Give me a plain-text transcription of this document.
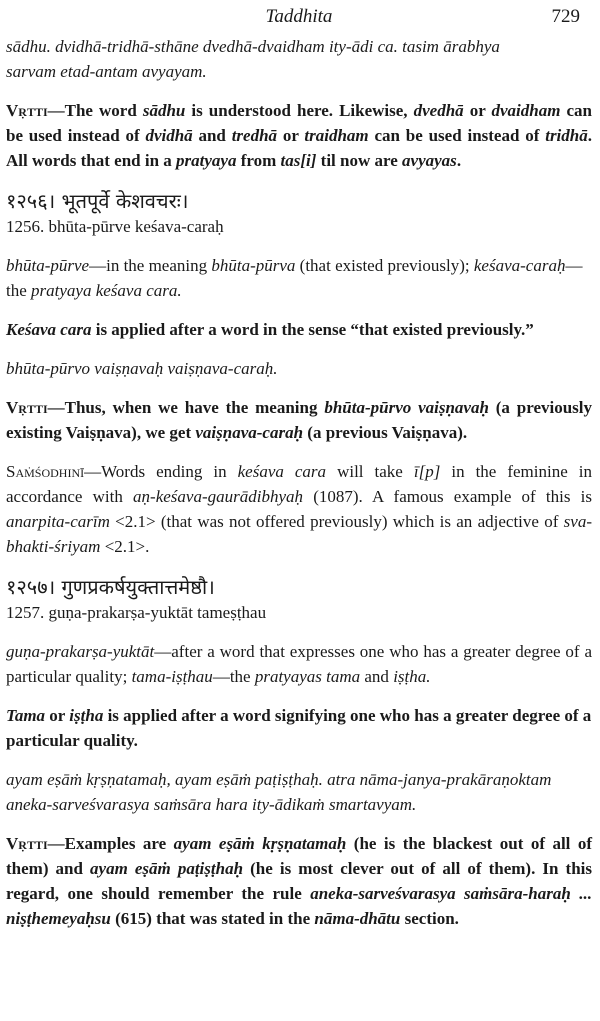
Taddhita	729

sādhu. dvidhā-tridhā-sthāne dvedhā-dvaidham ity-ādi ca. tasim ārabhya

sarvam etad-antam avyayam.

Vṛtti—The word sādhu is understood here. Likewise, dvedhā or dvaidham can be used instead of dvidhā and tredhā or traidham can be used instead of tridhā. All words that end in a pratyaya from tas[i] til now are avyayas.

१२५६। भूतपूर्वे केशवचरः।

1256. bhūta-pūrve keśava-caraḥ

bhūta-pūrve—in the meaning bhūta-pūrva (that existed previously); keśava-caraḥ—the pratyaya keśava cara.

Keśava cara is applied after a word in the sense “that existed previously.”

bhūta-pūrvo vaiṣṇavaḥ vaiṣṇava-caraḥ.

Vṛtti—Thus, when we have the meaning bhūta-pūrvo vaiṣṇavaḥ (a previously existing Vaiṣṇava), we get vaiṣṇava-caraḥ (a previous Vaiṣṇava).

Saṁśodhinī—Words ending in keśava cara will take ī[p] in the feminine in accordance with aṇ-keśava-gaurādibhyaḥ (1087). A famous example of this is anarpita-carīm <2.1> (that was not offered previously) which is an adjective of sva-bhakti-śriyam <2.1>.

१२५७। गुणप्रकर्षयुक्तात्तमेष्ठौ।

1257. guṇa-prakarṣa-yuktāt tameṣṭhau

guṇa-prakarṣa-yuktāt—after a word that expresses one who has a greater degree of a particular quality; tama-iṣṭhau—the pratyayas tama and iṣṭha.

Tama or iṣṭha is applied after a word signifying one who has a greater degree of a particular quality.

ayam eṣāṁ kṛṣṇatamaḥ, ayam eṣāṁ paṭiṣṭhaḥ. atra nāma-janya-prakāraṇoktam

aneka-sarveśvarasya saṁsāra hara ity-ādikaṁ smartavyam.

Vṛtti—Examples are ayam eṣāṁ kṛṣṇatamaḥ (he is the blackest out of all of them) and ayam eṣāṁ paṭiṣṭhaḥ (he is most clever out of all of them). In this regard, one should remember the rule aneka-sarveśvarasya saṁsāra-haraḥ ... niṣṭhemeyaḥsu (615) that was stated in the nāma-dhātu section.
